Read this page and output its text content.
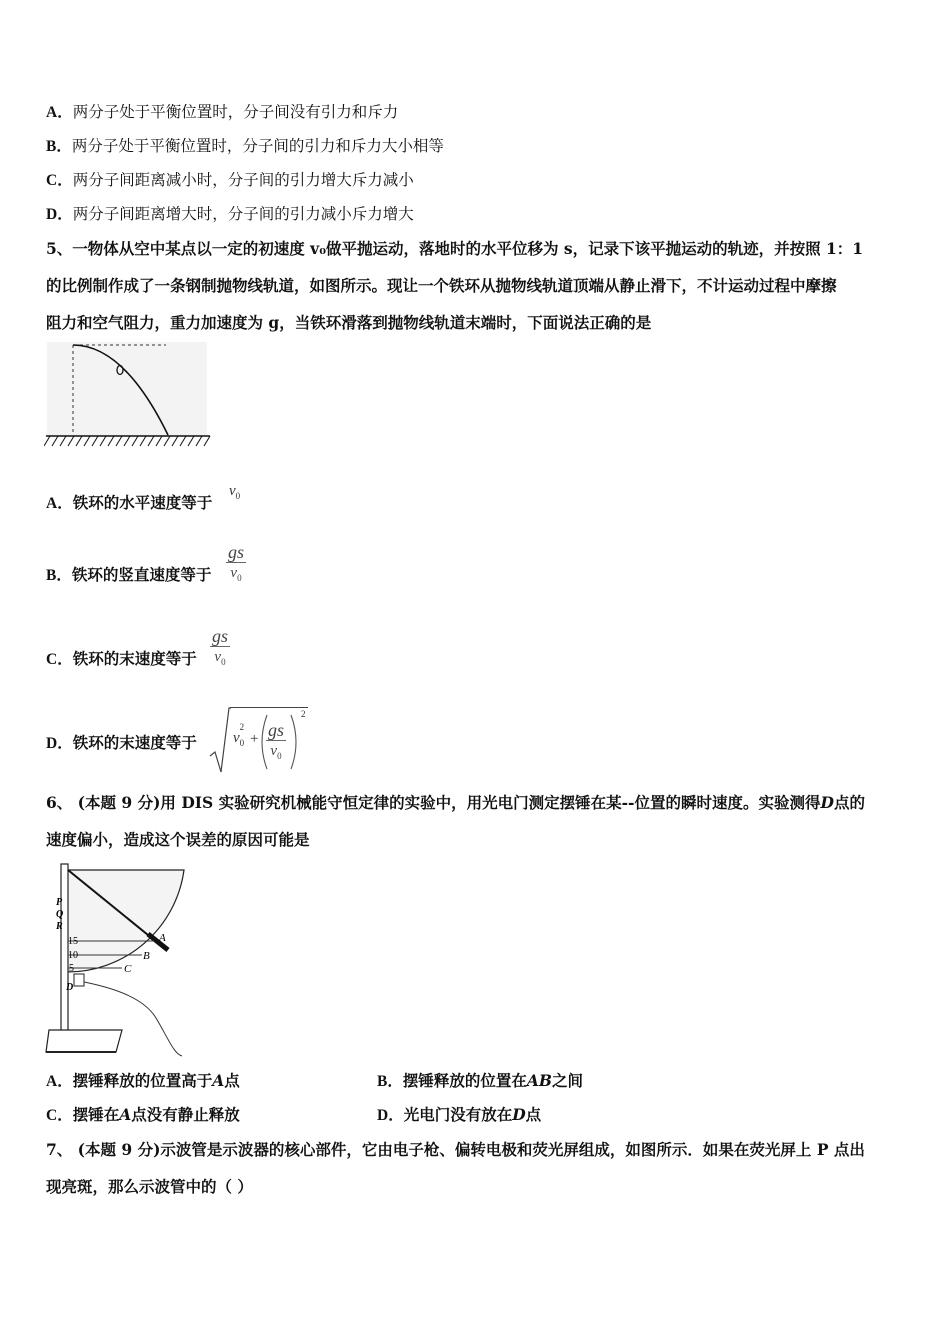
A．两分子处于平衡位置时，分子间没有引力和斥力
B．两分子处于平衡位置时，分子间的引力和斥力大小相等
C．两分子间距离减小时，分子间的引力增大斥力减小
D．两分子间距离增大时，分子间的引力减小斥力增大
5、一物体从空中某点以一定的初速度 v₀做平抛运动，落地时的水平位移为 s，记录下该平抛运动的轨迹，并按照 1：1
的比例制作成了一条钢制抛物线轨道，如图所示。现让一个铁环从抛物线轨道顶端从静止滑下，不计运动过程中摩擦
阻力和空气阻力，重力加速度为 g，当铁环滑落到抛物线轨道末端时，下面说法正确的是
A．铁环的水平速度等于
$v_0$
B．铁环的竖直速度等于
gs
$v_0$
C．铁环的末速度等于
gs
$v_0$
D．铁环的末速度等于 v
2
$_0$ + gs
$v_0$
2
6、 (本题 9 分)用 DIS 实验研究机械能守恒定律的实验中，用光电门测定摆锤在某--位置的瞬时速度。实验测得D点的
速度偏小，造成这个误差的原因可能是
P
Q
R
15
10
5
D
A
B
C
A．摆锤释放的位置高于A点	B．摆锤释放的位置在AB之间
C．摆锤在A点没有静止释放	D．光电门没有放在D点
7、 (本题 9 分)示波管是示波器的核心部件，它由电子枪、偏转电极和荧光屏组成，如图所示．如果在荧光屏上 P 点出
现亮斑，那么示波管中的（ ）
